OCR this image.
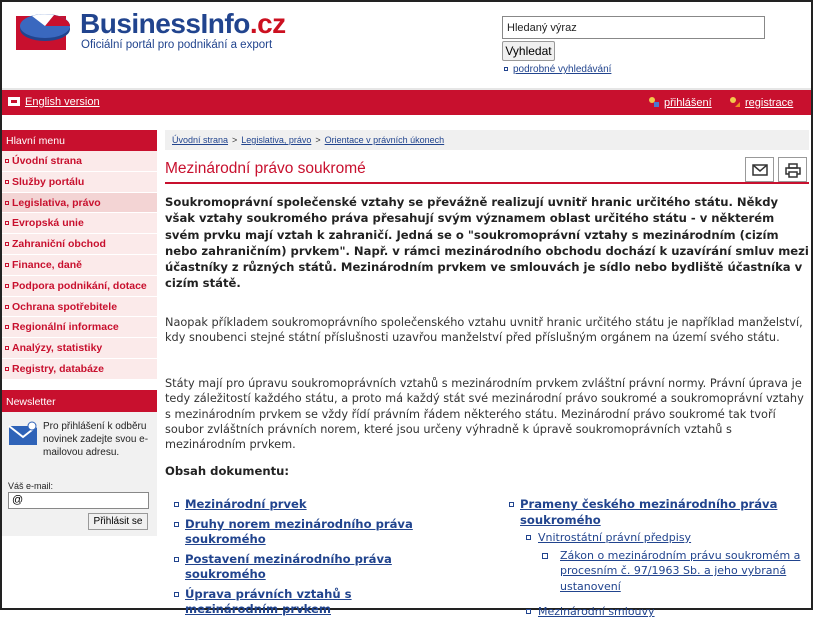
BusinessInfo.cz
Oficiální portál pro podnikání a export
Hledaný výraz	Vyhledat
podrobné vyhledávání
English version	přihlášení	registrace
Hlavní menu
Úvodní strana
Služby portálu
Legislativa, právo
Evropská unie
Zahraniční obchod
Finance, daně
Podpora podnikání, dotace
Ochrana spotřebitele
Regionální informace
Analýzy, statistiky
Registry, databáze
Newsletter
Pro přihlášení k odběru novinek zadejte svou e-mailovou adresu.
Váš e-mail:
@
Přihlásit se
Úvodní strana > Legislativa, právo > Orientace v právních úkonech
Mezinárodní právo soukromé
Soukromoprávní společenské vztahy se převážně realizují uvnitř hranic určitého státu. Někdy však vztahy soukromého práva přesahují svým významem oblast určitého státu - v některém svém prvku mají vztah k zahraničí. Jedná se o "soukromoprávní vztahy s mezinárodním (cizím nebo zahraničním) prvkem". Např. v rámci mezinárodního obchodu dochází k uzavírání smluv mezi účastníky z různých států. Mezinárodním prvkem ve smlouvách je sídlo nebo bydliště účastníka v cizím státě.
Naopak příkladem soukromoprávního společenského vztahu uvnitř hranic určitého státu je například manželství, kdy snoubenci stejné státní příslušnosti uzavřou manželství před příslušným orgánem na území svého státu.
Státy mají pro úpravu soukromoprávních vztahů s mezinárodním prvkem zvláštní právní normy. Právní úprava je tedy záležitostí každého státu, a proto má každý stát své mezinárodní právo soukromé a soukromoprávní vztahy s mezinárodním prvkem se vždy řídí právním řádem některého státu. Mezinárodní právo soukromé tak tvoří soubor zvláštních právních norem, které jsou určeny výhradně k úpravě soukromoprávních vztahů s mezinárodním prvkem.
Obsah dokumentu:
Mezinárodní prvek
Druhy norem mezinárodního práva soukromého
Postavení mezinárodního práva soukromého
Úprava právních vztahů s mezinárodním prvkem
Prameny českého mezinárodního práva soukromého
Vnitrostátní právní předpisy
Zákon o mezinárodním právu soukromém a procesním č. 97/1963 Sb. a jeho vybraná ustanovení
Mezinárodní smlouvy
